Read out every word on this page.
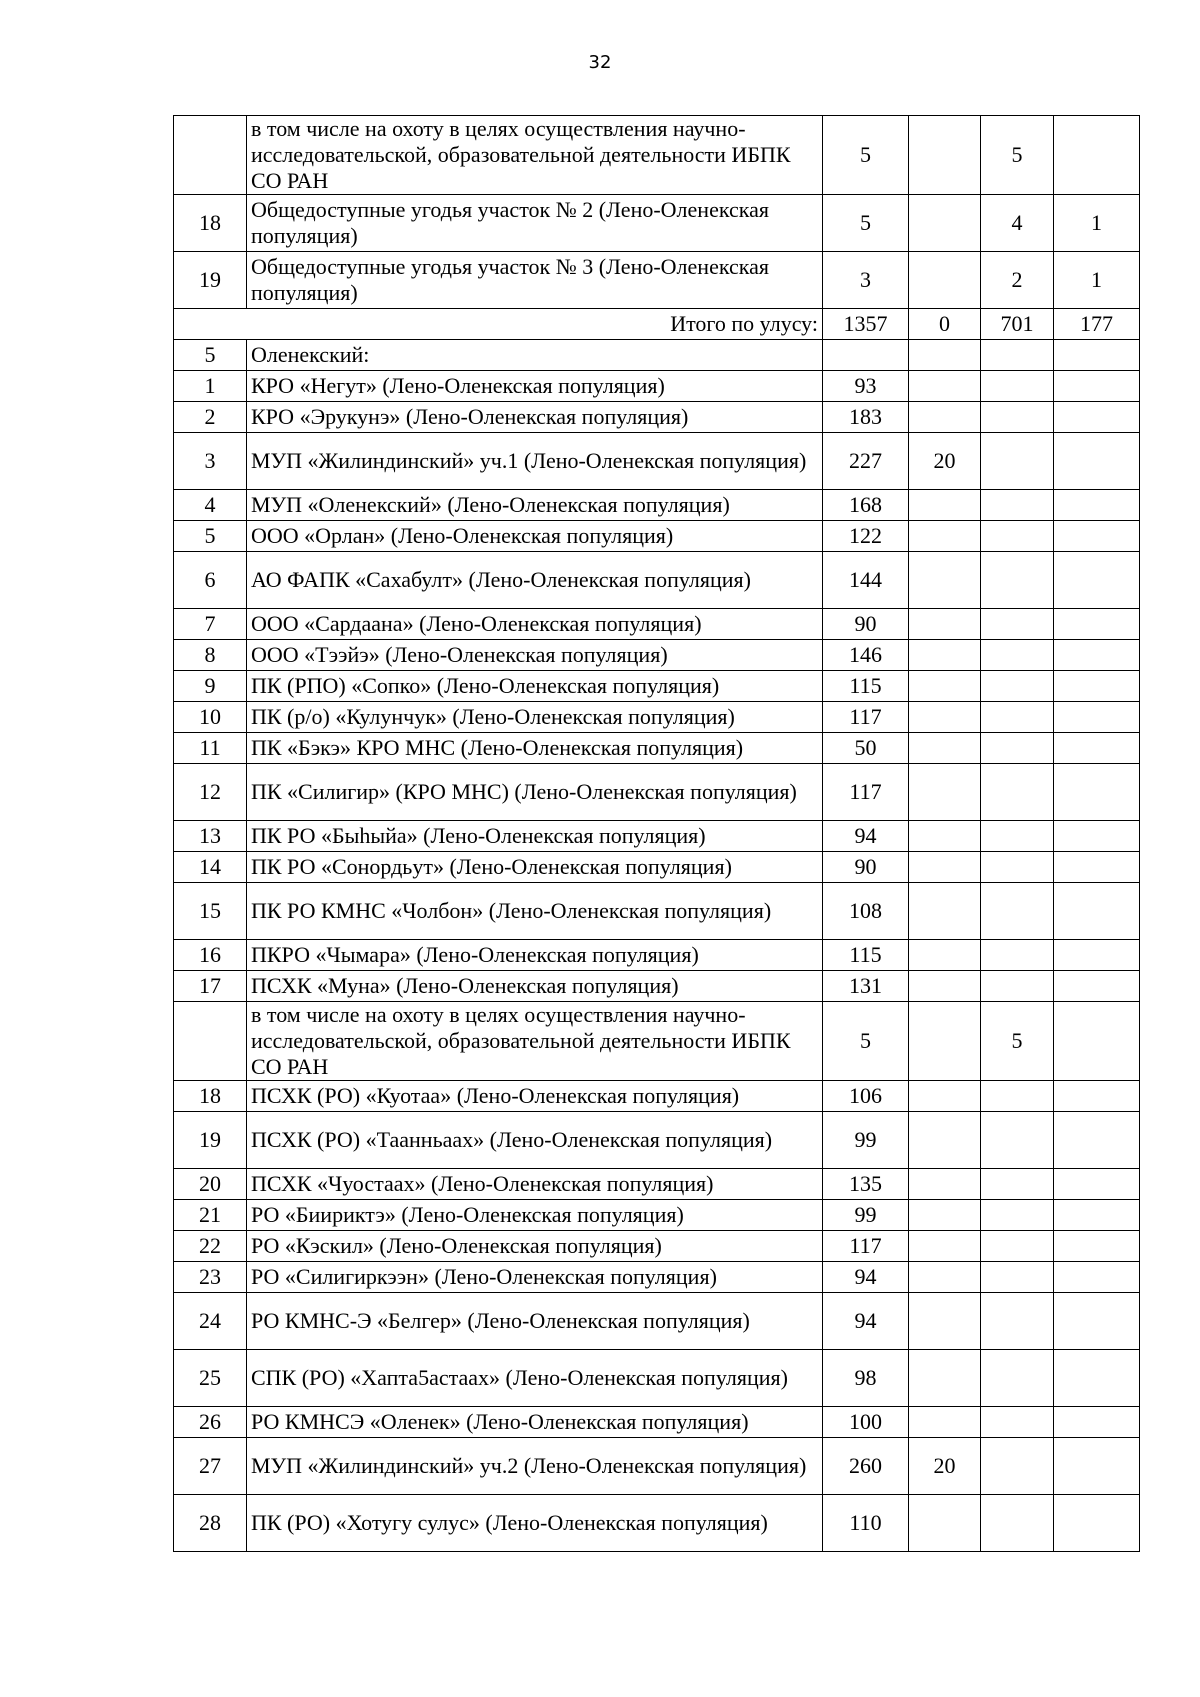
32
	в том числе на охоту в целях осуществления научно-исследовательской, образовательной деятельности ИБПК СО РАН	5		5	
18	Общедоступные угодья участок № 2 (Лено-Оленекская популяция)	5		4	1
19	Общедоступные угодья участок № 3 (Лено-Оленекская популяция)	3		2	1
Итого по улусу:		1357	0	701	177
5	Оленекский:				
1	КРО «Негут» (Лено-Оленекская популяция)	93			
2	КРО «Эрукунэ» (Лено-Оленекская популяция)	183			
3	МУП «Жилиндинский» уч.1 (Лено-Оленекская популяция)	227	20		
4	МУП «Оленекский» (Лено-Оленекская популяция)	168			
5	ООО «Орлан» (Лено-Оленекская популяция)	122			
6	АО ФАПК «Сахабулт» (Лено-Оленекская популяция)	144			
7	ООО «Сардаана» (Лено-Оленекская популяция)	90			
8	ООО «Тээйэ» (Лено-Оленекская популяция)	146			
9	ПК (РПО) «Сопко» (Лено-Оленекская популяция)	115			
10	ПК (р/о) «Кулунчук» (Лено-Оленекская популяция)	117			
11	ПК «Бэкэ» КРО МНС (Лено-Оленекская популяция)	50			
12	ПК «Силигир» (КРО МНС) (Лено-Оленекская популяция)	117			
13	ПК РО «Быһыйа» (Лено-Оленекская популяция)	94			
14	ПК РО «Сонордьут» (Лено-Оленекская популяция)	90			
15	ПК РО КМНС «Чолбон» (Лено-Оленекская популяция)	108			
16	ПКРО «Чымара» (Лено-Оленекская популяция)	115			
17	ПСХК «Муна» (Лено-Оленекская популяция)	131			
	в том числе на охоту в целях осуществления научно-исследовательской, образовательной деятельности ИБПК СО РАН	5		5	
18	ПСХК (РО) «Куотаа» (Лено-Оленекская популяция)	106			
19	ПСХК (РО) «Таанньаах» (Лено-Оленекская популяция)	99			
20	ПСХК «Чуостаах» (Лено-Оленекская популяция)	135			
21	РО «Биириктэ» (Лено-Оленекская популяция)	99			
22	РО «Кэскил» (Лено-Оленекская популяция)	117			
23	РО «Силигиркээн» (Лено-Оленекская популяция)	94			
24	РО КМНС-Э «Белгер» (Лено-Оленекская популяция)	94			
25	СПК (РО) «Хапта5астаах» (Лено-Оленекская популяция)	98			
26	РО КМНСЭ «Оленек» (Лено-Оленекская популяция)	100			
27	МУП «Жилиндинский» уч.2 (Лено-Оленекская популяция)	260	20		
28	ПК (РО) «Хотугу сулус» (Лено-Оленекская популяция)	110			
